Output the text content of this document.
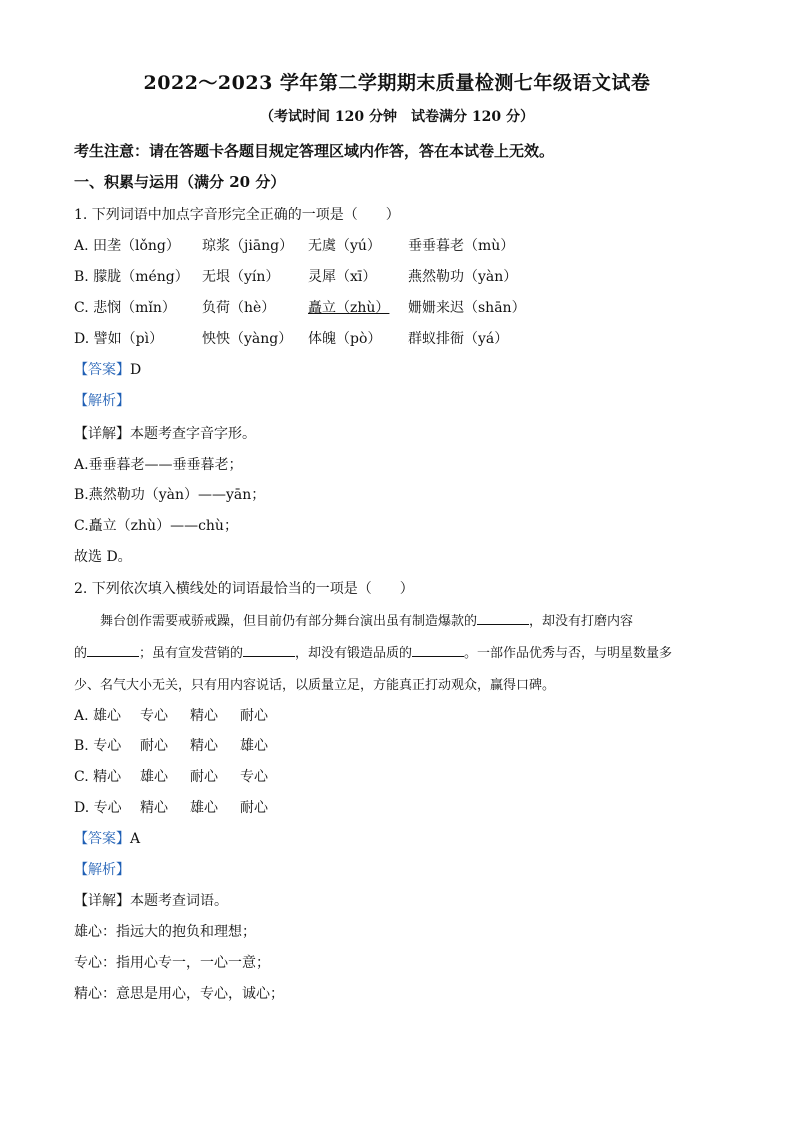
2022～2023 学年第二学期期末质量检测七年级语文试卷
（考试时间 120 分钟　试卷满分 120 分）
考生注意：请在答题卡各题目规定答理区域内作答，答在本试卷上无效。
一、积累与运用（满分 20 分）
1. 下列词语中加点字音形完全正确的一项是（　　）
A. 田垄（lǒng） 琼浆（jiāng） 无虞（yú） 垂垂暮老（mù）
B. 朦胧（méng） 无垠（yín） 灵犀（xī） 燕然勒功（yàn）
C. 悲悯（mǐn） 负荷（hè） 矗立（zhù） 姗姗来迟（shān）
D. 譬如（pì）	怏怏（yàng） 体魄（pò） 群蚁排衙（yá）
【答案】D
【解析】
【详解】本题考查字音字形。
A.垂垂暮老——垂垂暮老；
B.燕然勒功（yàn）——yān；
C.矗立（zhù）——chù；
故选 D。
2. 下列依次填入横线处的词语最恰当的一项是（　　）
舞台创作需要戒骄戒躁，但目前仍有部分舞台演出虽有制造爆款的	，却没有打磨内容
的	；虽有宣发营销的	，却没有锻造品质的	。一部作品优秀与否，与明星数量多
少、名气大小无关，只有用内容说话，以质量立足，方能真正打动观众，赢得口碑。
A. 雄心 专心 精心 耐心
B. 专心 耐心 精心 雄心
C. 精心 雄心 耐心 专心
D. 专心 精心 雄心 耐心
【答案】A
【解析】
【详解】本题考查词语。
雄心：指远大的抱负和理想；
专心：指用心专一，一心一意；
精心：意思是用心，专心，诚心；
